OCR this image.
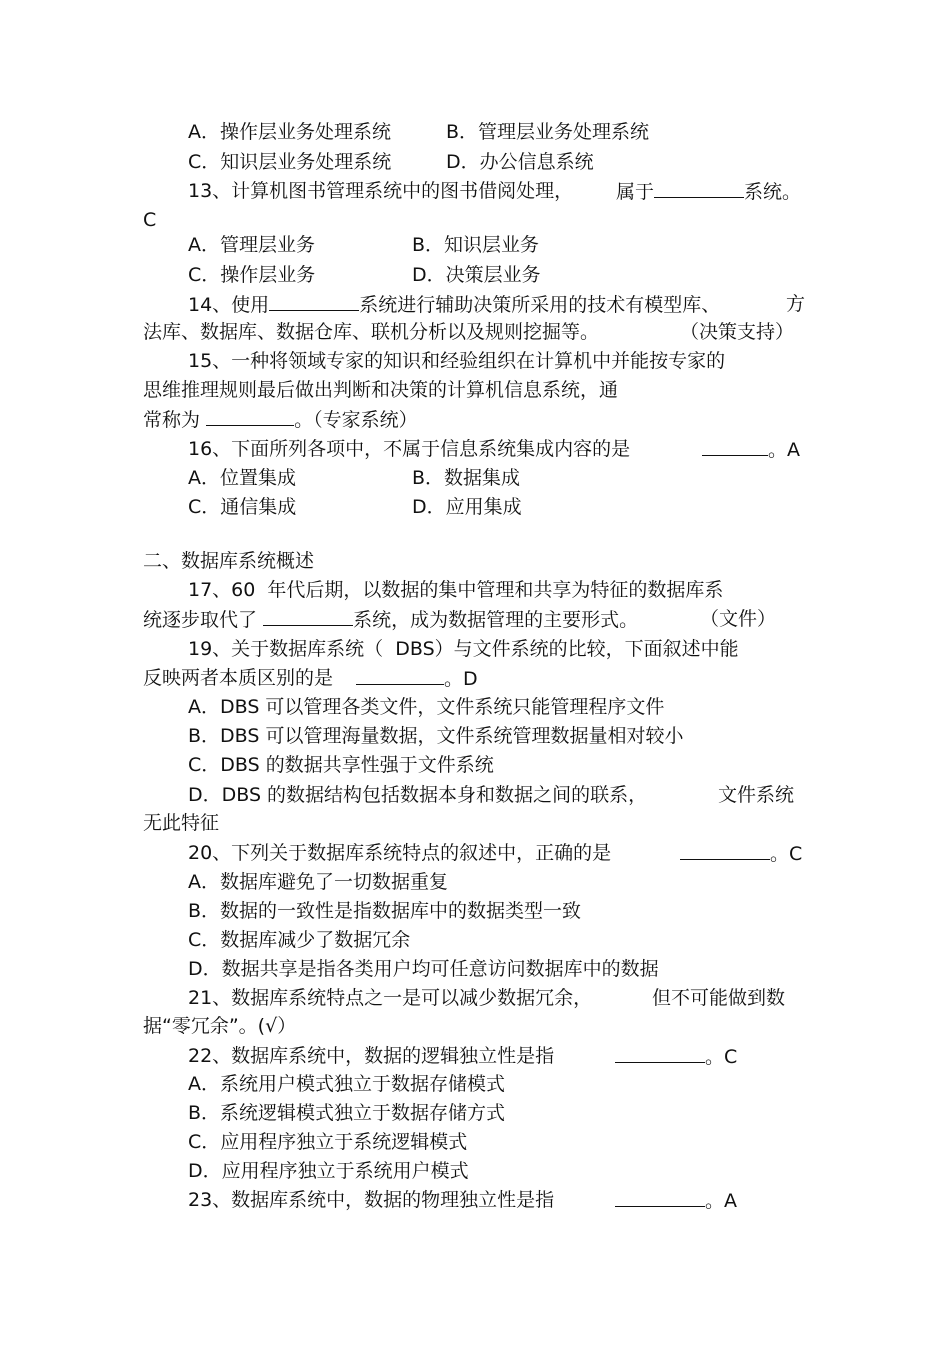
A．操作层业务处理系统	B．管理层业务处理系统
C．知识层业务处理系统	D．办公信息系统
13、计算机图书管理系统中的图书借阅处理， 属于	系统。
C
A．管理层业务	B．知识层业务
C．操作层业务	D．决策层业务
14、使用	系统进行辅助决策所采用的技术有模型库、	方
法库、数据库、数据仓库、联机分析以及规则挖掘等。	（决策支持）
15、一种将领域专家的知识和经验组织在计算机中并能按专家的
思维推理规则最后做出判断和决策的计算机信息系统，通
常称为	。（专家系统）
16、下面所列各项中，不属于信息系统集成内容的是	。A
A．位置集成	B．数据集成
C．通信集成	D．应用集成
二、数据库系统概述
17、60  年代后期，以数据的集中管理和共享为特征的数据库系
统逐步取代了	系统，成为数据管理的主要形式。	（文件）
19、关于数据库系统（  DBS）与文件系统的比较，下面叙述中能
反映两者本质区别的是	。D
A．DBS 可以管理各类文件，文件系统只能管理程序文件
B．DBS 可以管理海量数据，文件系统管理数据量相对较小
C．DBS 的数据共享性强于文件系统
D．DBS 的数据结构包括数据本身和数据之间的联系，	文件系统
无此特征
20、下列关于数据库系统特点的叙述中，正确的是	。C
A．数据库避免了一切数据重复
B．数据的一致性是指数据库中的数据类型一致
C．数据库减少了数据冗余
D．数据共享是指各类用户均可任意访问数据库中的数据
21、数据库系统特点之一是可以减少数据冗余，	但不可能做到数
据“零冗余”。(√）
22、数据库系统中，数据的逻辑独立性是指	。C
A．系统用户模式独立于数据存储模式
B．系统逻辑模式独立于数据存储方式
C．应用程序独立于系统逻辑模式
D．应用程序独立于系统用户模式
23、数据库系统中，数据的物理独立性是指	。A
